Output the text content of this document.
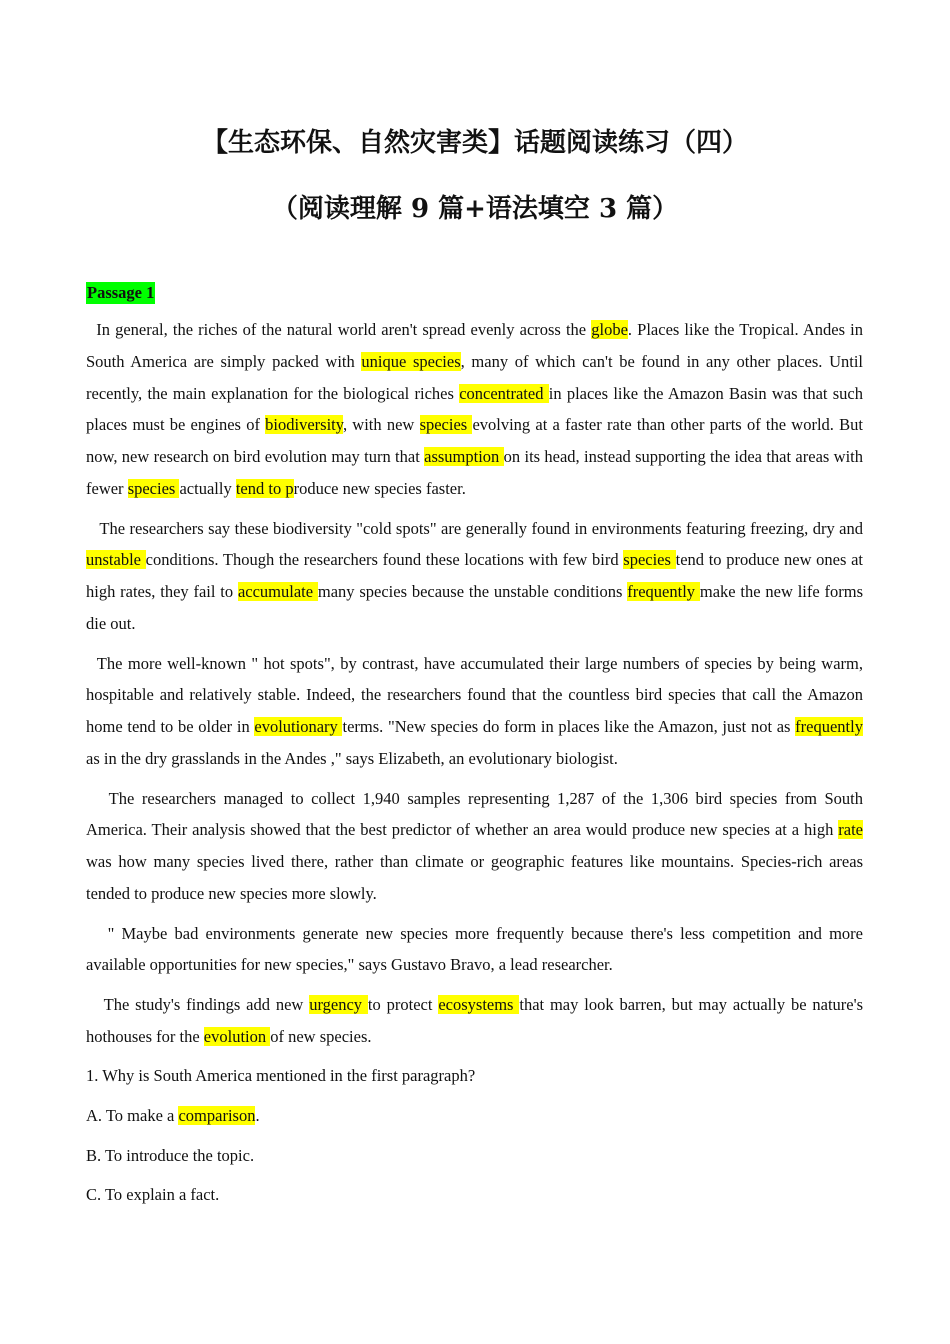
【生态环保、自然灾害类】话题阅读练习（四）
（阅读理解 9 篇+语法填空 3 篇）
Passage 1

In general, the riches of the natural world aren't spread evenly across the globe. Places like the Tropical. Andes in South America are simply packed with unique species, many of which can't be found in any other places. Until recently, the main explanation for the biological riches concentrated in places like the Amazon Basin was that such places must be engines of biodiversity, with new species evolving at a faster rate than other parts of the world. But now, new research on bird evolution may turn that assumption on its head, instead supporting the idea that areas with fewer species actually tend to produce new species faster.

The researchers say these biodiversity "cold spots" are generally found in environments featuring freezing, dry and unstable conditions. Though the researchers found these locations with few bird species tend to produce new ones at high rates, they fail to accumulate many species because the unstable conditions frequently make the new life forms die out.

The more well-known " hot spots", by contrast, have accumulated their large numbers of species by being warm, hospitable and relatively stable. Indeed, the researchers found that the countless bird species that call the Amazon home tend to be older in evolutionary terms. "New species do form in places like the Amazon, just not as frequently as in the dry grasslands in the Andes ," says Elizabeth, an evolutionary biologist.

The researchers managed to collect 1,940 samples representing 1,287 of the 1,306 bird species from South America. Their analysis showed that the best predictor of whether an area would produce new species at a high rate was how many species lived there, rather than climate or geographic features like mountains. Species-rich areas tended to produce new species more slowly.

" Maybe bad environments generate new species more frequently because there's less competition and more available opportunities for new species," says Gustavo Bravo, a lead researcher.

The study's findings add new urgency to protect ecosystems that may look barren, but may actually be nature's hothouses for the evolution of new species.

1. Why is South America mentioned in the first paragraph?

A. To make a comparison.

B. To introduce the topic.

C. To explain a fact.
